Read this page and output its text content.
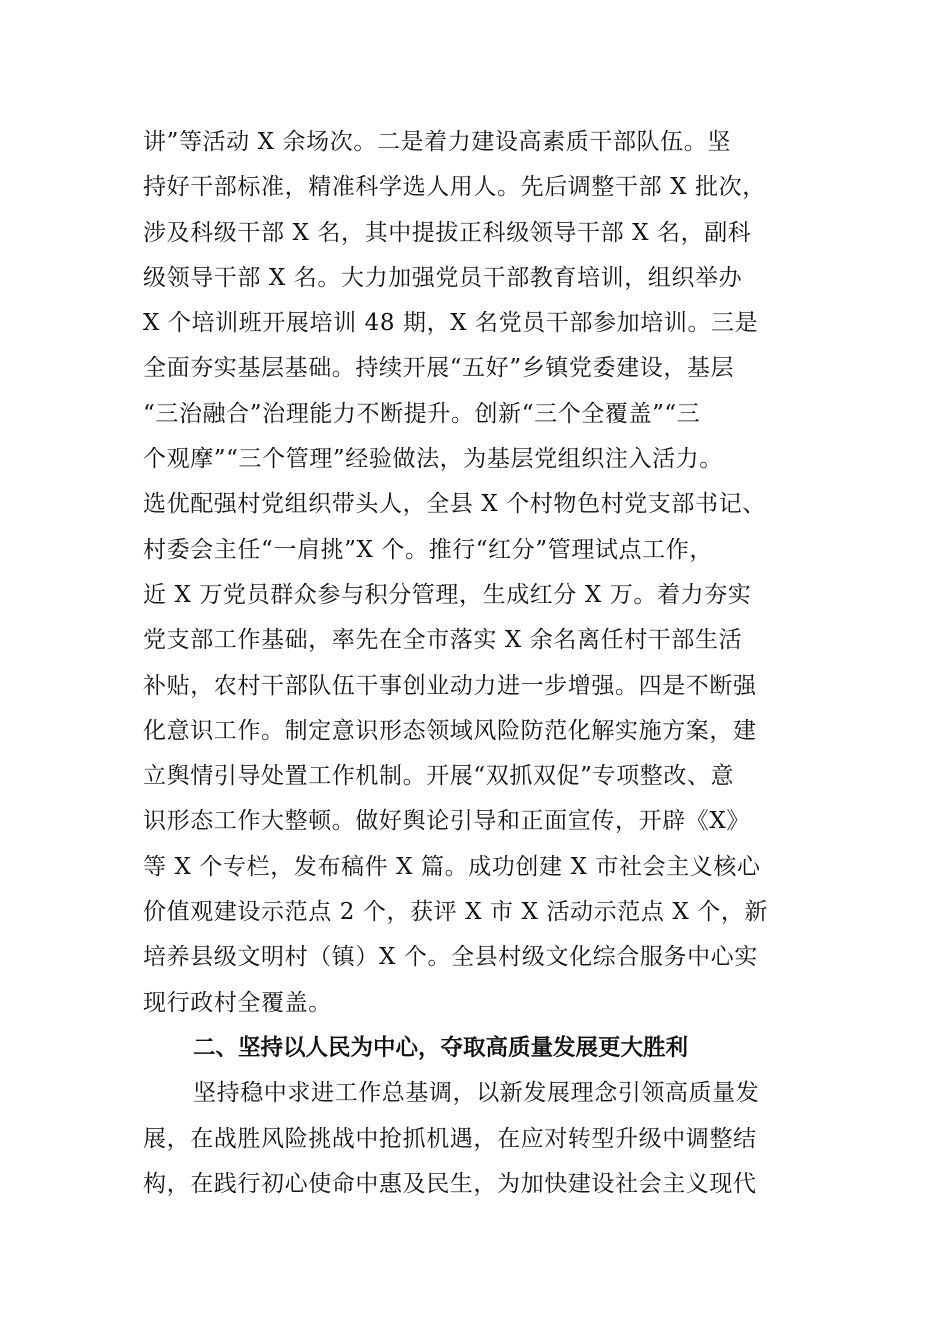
讲”等活动 X 余场次。二是着力建设高素质干部队伍。坚
持好干部标准，精准科学选人用人。先后调整干部 X 批次，
涉及科级干部 X 名，其中提拔正科级领导干部 X 名，副科
级领导干部 X 名。大力加强党员干部教育培训，组织举办
X 个培训班开展培训 48 期，X 名党员干部参加培训。三是
全面夯实基层基础。持续开展“五好”乡镇党委建设，基层
“三治融合”治理能力不断提升。创新“三个全覆盖”“三
个观摩”“三个管理”经验做法，为基层党组织注入活力。
选优配强村党组织带头人，全县 X 个村物色村党支部书记、
村委会主任“一肩挑”X 个。推行“红分”管理试点工作，
近 X 万党员群众参与积分管理，生成红分 X 万。着力夯实
党支部工作基础，率先在全市落实 X 余名离任村干部生活
补贴，农村干部队伍干事创业动力进一步增强。四是不断强
化意识工作。制定意识形态领域风险防范化解实施方案，建
立舆情引导处置工作机制。开展“双抓双促”专项整改、意
识形态工作大整顿。做好舆论引导和正面宣传，开辟《X》
等 X 个专栏，发布稿件 X 篇。成功创建 X 市社会主义核心
价值观建设示范点 2 个，获评 X 市 X 活动示范点 X 个，新
培养县级文明村（镇）X 个。全县村级文化综合服务中心实
现行政村全覆盖。
二、坚持以人民为中心，夺取高质量发展更大胜利
坚持稳中求进工作总基调，以新发展理念引领高质量发
展，在战胜风险挑战中抢抓机遇，在应对转型升级中调整结
构，在践行初心使命中惠及民生，为加快建设社会主义现代
